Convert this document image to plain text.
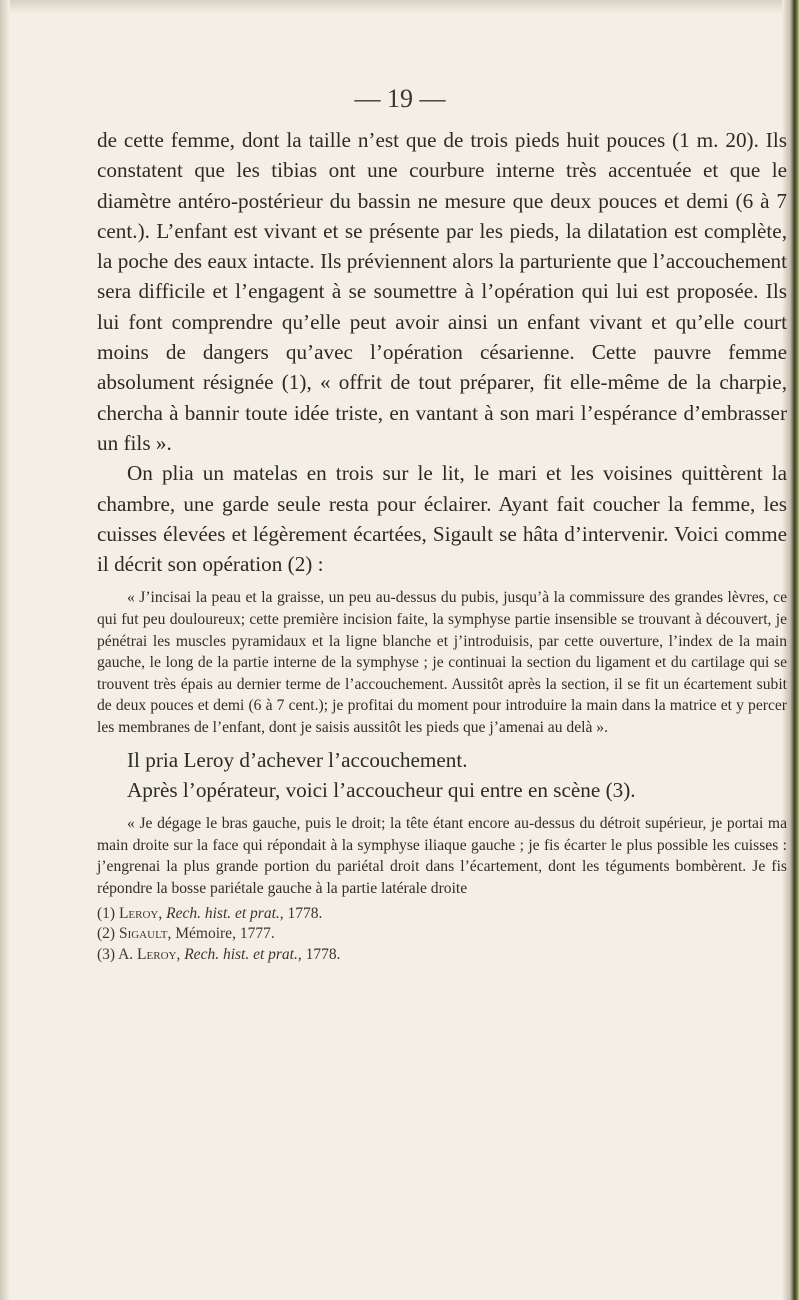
— 19 —

de cette femme, dont la taille n’est que de trois pieds huit pouces (1 m. 20). Ils constatent que les tibias ont une courbure interne très accentuée et que le diamètre antéro-postérieur du bassin ne mesure que deux pouces et demi (6 à 7 cent.). L’enfant est vivant et se présente par les pieds, la dilatation est complète, la poche des eaux intacte. Ils préviennent alors la parturiente que l’accouchement sera difficile et l’engagent à se soumettre à l’opération qui lui est proposée. Ils lui font comprendre qu’elle peut avoir ainsi un enfant vivant et qu’elle court moins de dangers qu’avec l’opération césarienne. Cette pauvre femme absolument résignée (1), « offrit de tout préparer, fit elle-même de la charpie, chercha à bannir toute idée triste, en vantant à son mari l’espérance d’embrasser un fils ».

On plia un matelas en trois sur le lit, le mari et les voisines quittèrent la chambre, une garde seule resta pour éclairer. Ayant fait coucher la femme, les cuisses élevées et légèrement écartées, Sigault se hâta d’intervenir. Voici comme il décrit son opération (2) :

« J’incisai la peau et la graisse, un peu au-dessus du pubis, jusqu’à la commissure des grandes lèvres, ce qui fut peu douloureux; cette première incision faite, la symphyse partie insensible se trouvant à découvert, je pénétrai les muscles pyramidaux et la ligne blanche et j’introduisis, par cette ouverture, l’index de la main gauche, le long de la partie interne de la symphyse ; je continuai la section du ligament et du cartilage qui se trouvent très épais au dernier terme de l’accouchement. Aussitôt après la section, il se fit un écartement subit de deux pouces et demi (6 à 7 cent.); je profitai du moment pour introduire la main dans la matrice et y percer les membranes de l’enfant, dont je saisis aussitôt les pieds que j’amenai au delà ».

Il pria Leroy d’achever l’accouchement.

Après l’opérateur, voici l’accoucheur qui entre en scène (3).

« Je dégage le bras gauche, puis le droit; la tête étant encore au-dessus du détroit supérieur, je portai ma main droite sur la face qui répondait à la symphyse iliaque gauche ; je fis écarter le plus possible les cuisses : j’engrenai la plus grande portion du pariétal droit dans l’écartement, dont les téguments bombèrent. Je fis répondre la bosse pariétale gauche à la partie latérale droite

(1) Leroy, Rech. hist. et prat., 1778.

(2) Sigault, Mémoire, 1777.

(3) A. Leroy, Rech. hist. et prat., 1778.
